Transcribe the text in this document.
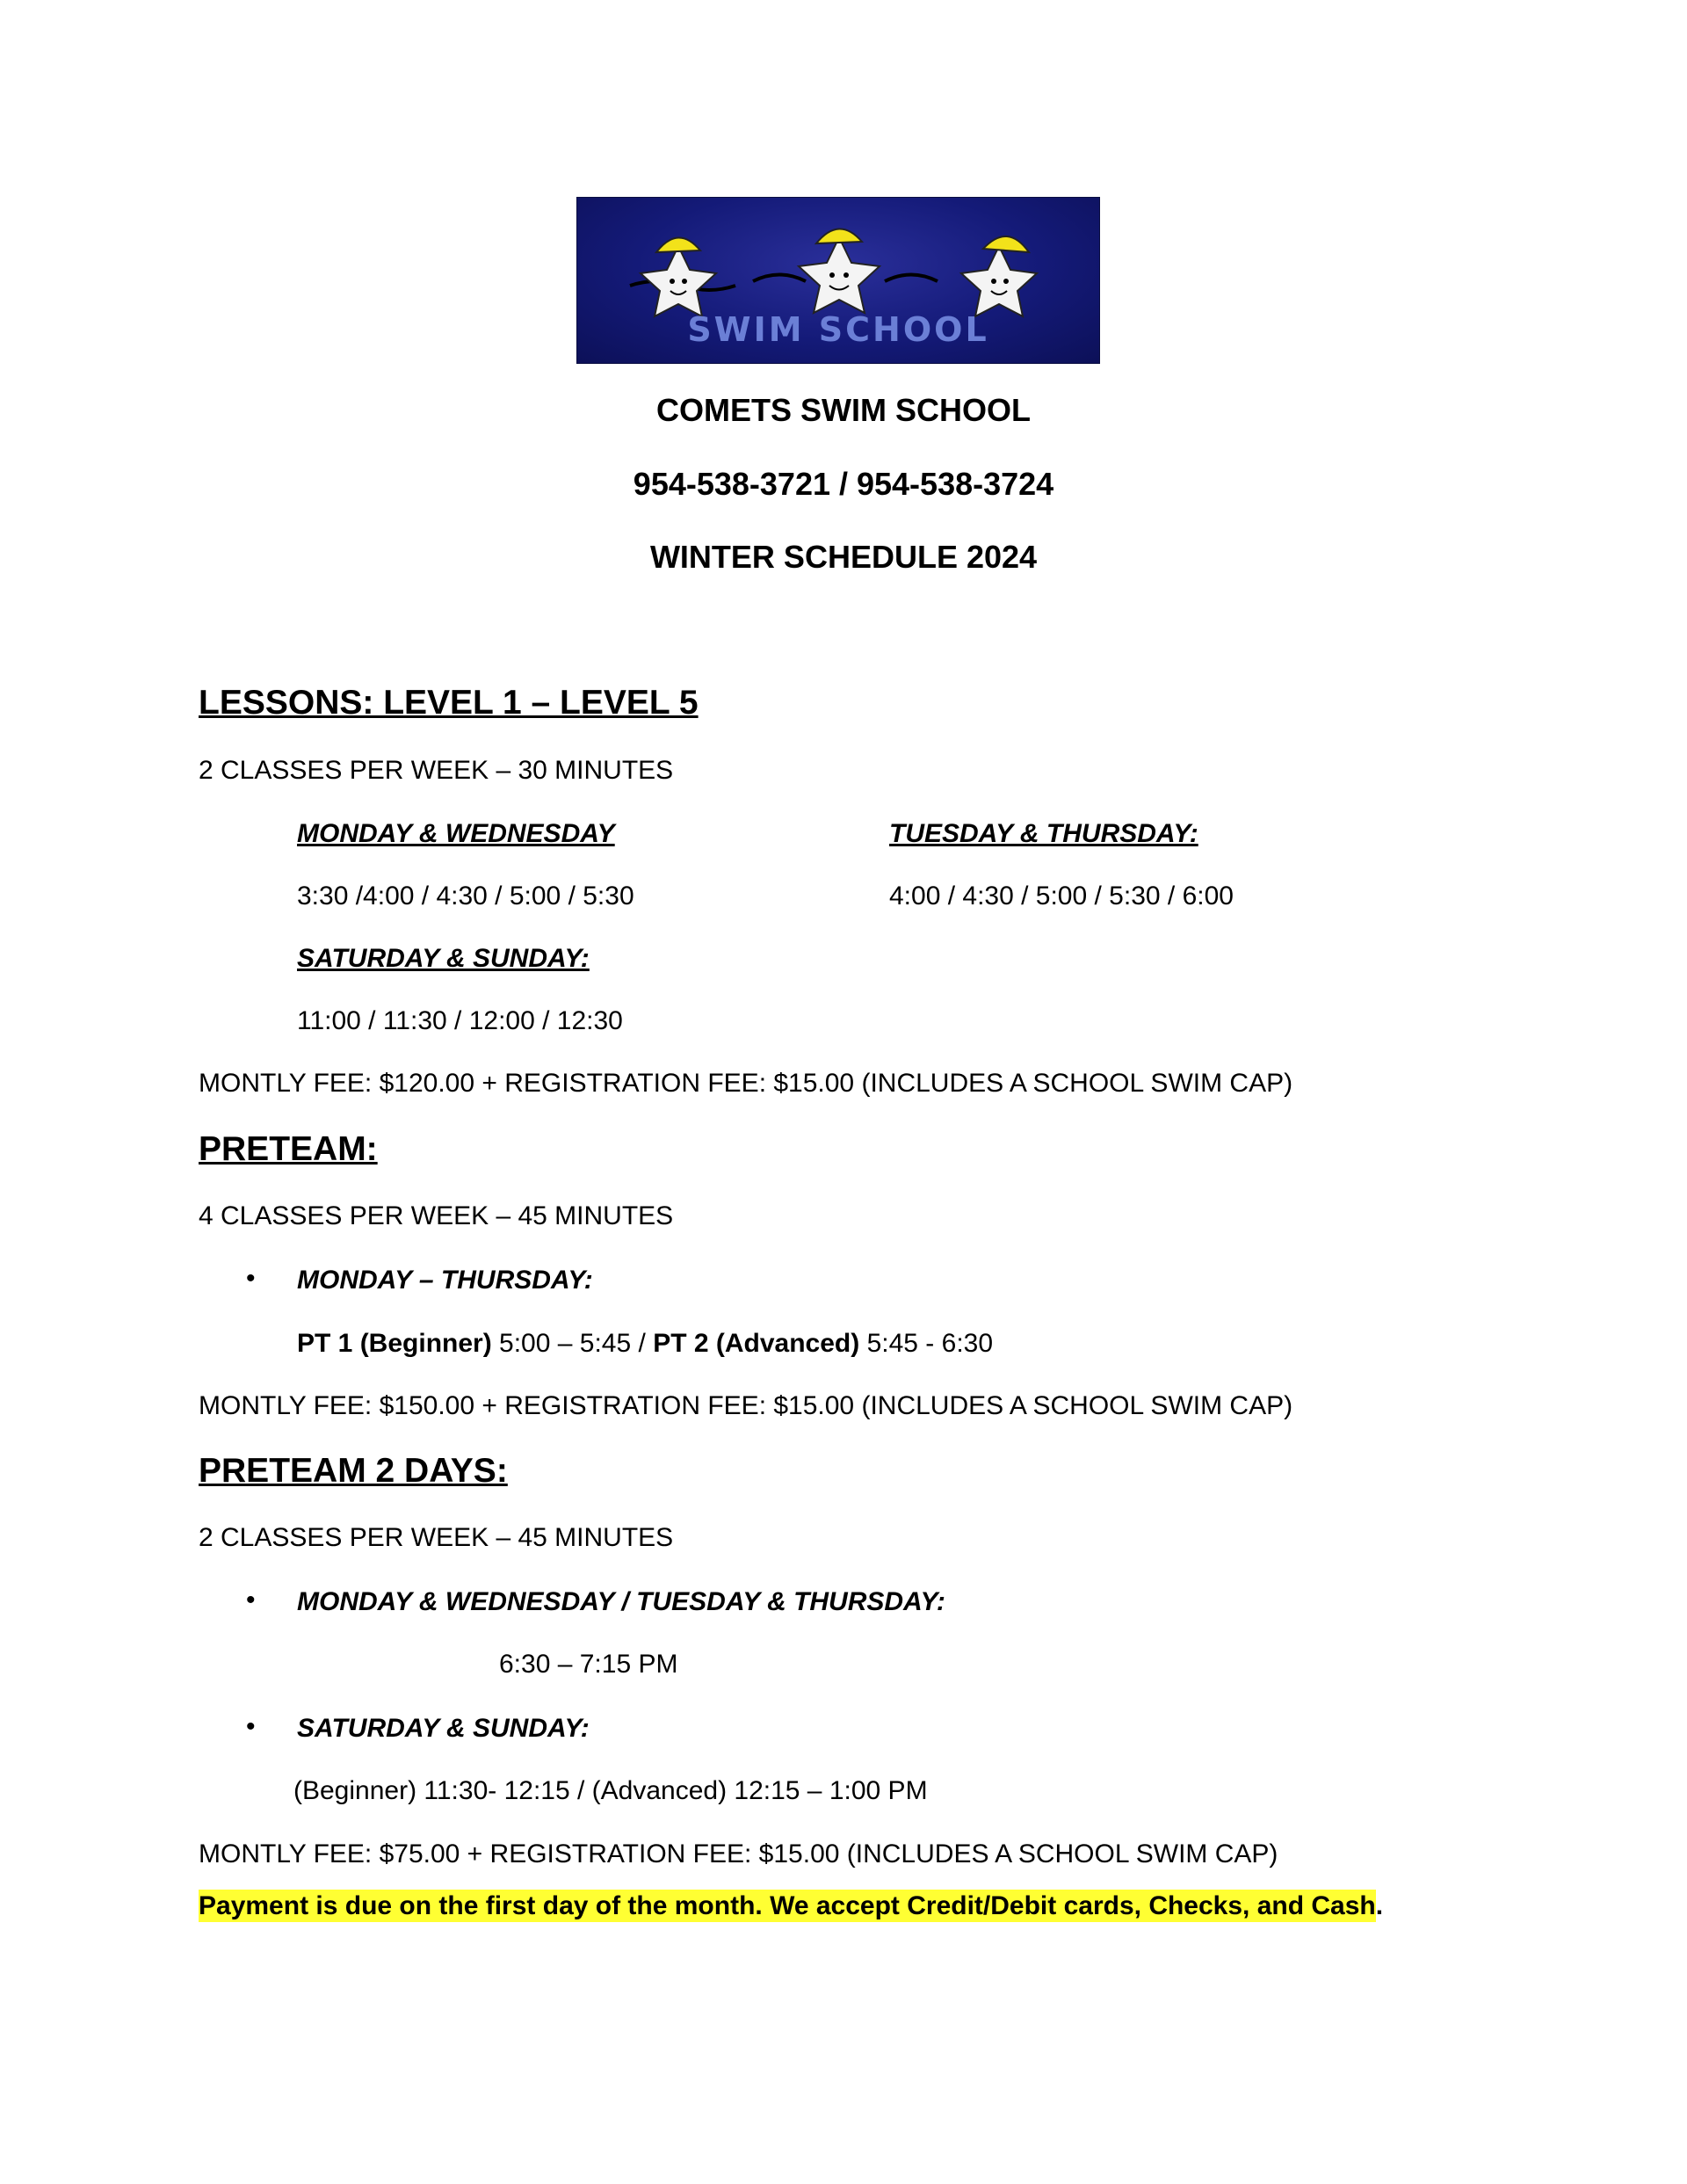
SWIM SCHOOL
COMETS SWIM SCHOOL
954-538-3721 / 954-538-3724
WINTER SCHEDULE 2024
LESSONS: LEVEL 1 – LEVEL 5
2 CLASSES PER WEEK – 30 MINUTES
MONDAY & WEDNESDAY	TUESDAY & THURSDAY:
3:30 /4:00 / 4:30 / 5:00 / 5:30	4:00 / 4:30 / 5:00 / 5:30 / 6:00
SATURDAY & SUNDAY:
11:00 / 11:30 / 12:00 / 12:30
MONTLY FEE: $120.00 + REGISTRATION FEE: $15.00 (INCLUDES A SCHOOL SWIM CAP)
PRETEAM:
4 CLASSES PER WEEK – 45 MINUTES
• MONDAY – THURSDAY:
PT 1 (Beginner) 5:00 – 5:45 / PT 2 (Advanced) 5:45 - 6:30
MONTLY FEE: $150.00 + REGISTRATION FEE: $15.00 (INCLUDES A SCHOOL SWIM CAP)
PRETEAM 2 DAYS:
2 CLASSES PER WEEK – 45 MINUTES
• MONDAY & WEDNESDAY / TUESDAY & THURSDAY:
6:30 – 7:15 PM
• SATURDAY & SUNDAY:
(Beginner) 11:30- 12:15 / (Advanced) 12:15 – 1:00 PM
MONTLY FEE: $75.00 + REGISTRATION FEE: $15.00 (INCLUDES A SCHOOL SWIM CAP)
Payment is due on the first day of the month. We accept Credit/Debit cards, Checks, and Cash.
